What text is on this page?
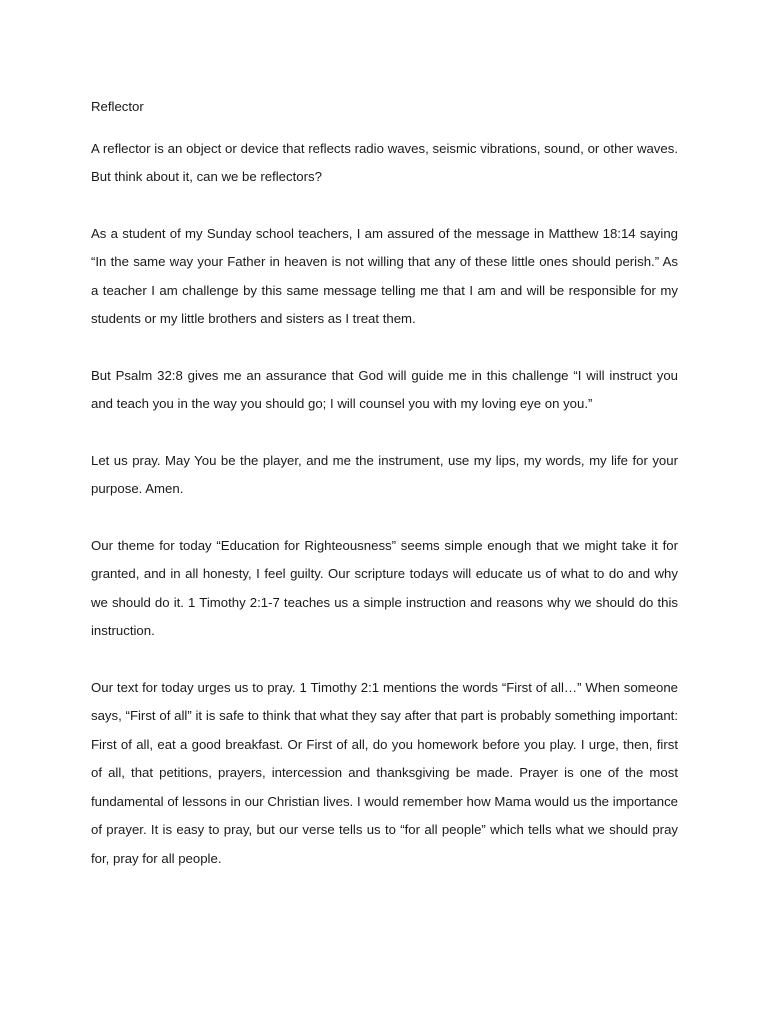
Reflector

A reflector is an object or device that reflects radio waves, seismic vibrations, sound, or other waves. But think about it, can we be reflectors?

As a student of my Sunday school teachers, I am assured of the message in Matthew 18:14 saying “In the same way your Father in heaven is not willing that any of these little ones should perish.” As a teacher I am challenge by this same message telling me that I am and will be responsible for my students or my little brothers and sisters as I treat them.

But Psalm 32:8 gives me an assurance that God will guide me in this challenge “I will instruct you and teach you in the way you should go; I will counsel you with my loving eye on you.”

Let us pray. May You be the player, and me the instrument, use my lips, my words, my life for your purpose. Amen.

Our theme for today “Education for Righteousness” seems simple enough that we might take it for granted, and in all honesty, I feel guilty. Our scripture todays will educate us of what to do and why we should do it. 1 Timothy 2:1-7 teaches us a simple instruction and reasons why we should do this instruction.

Our text for today urges us to pray. 1 Timothy 2:1 mentions the words “First of all…” When someone says, “First of all” it is safe to think that what they say after that part is probably something important: First of all, eat a good breakfast. Or First of all, do you homework before you play. I urge, then, first of all, that petitions, prayers, intercession and thanksgiving be made. Prayer is one of the most fundamental of lessons in our Christian lives. I would remember how Mama would us the importance of prayer. It is easy to pray, but our verse tells us to “for all people” which tells what we should pray for, pray for all people.
